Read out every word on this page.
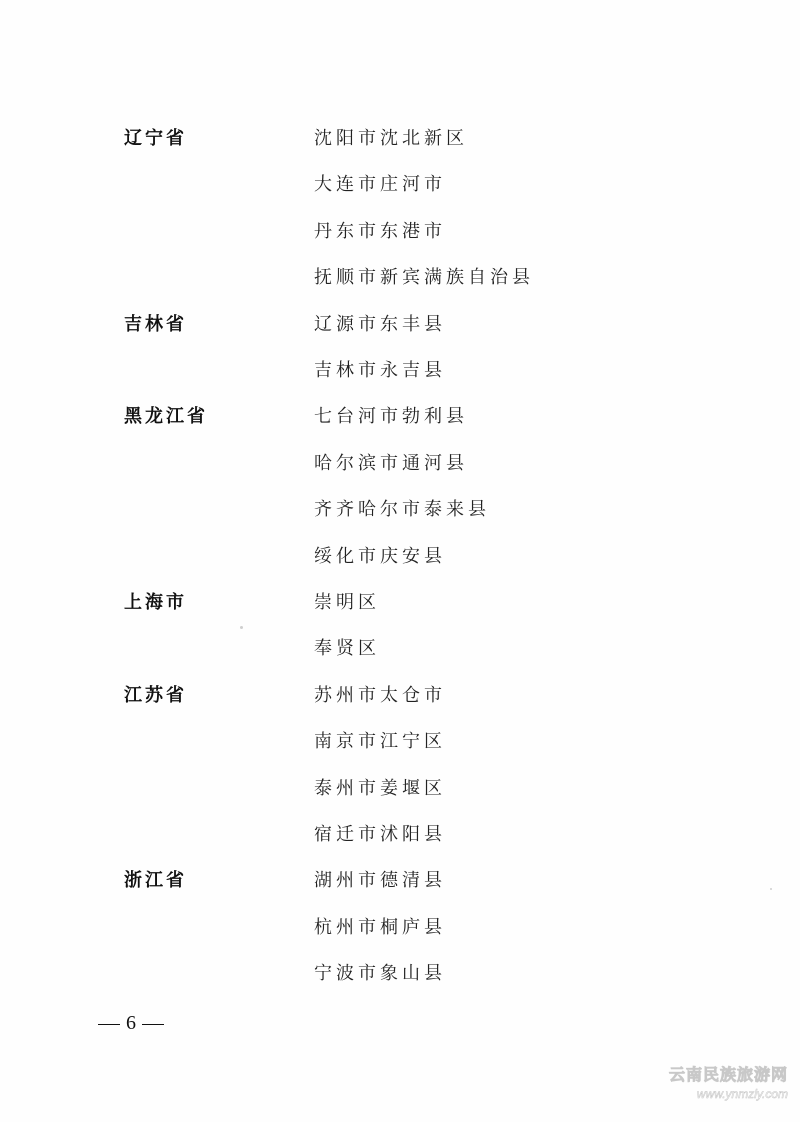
辽宁省	沈阳市沈北新区
大连市庄河市
丹东市东港市
抚顺市新宾满族自治县
吉林省	辽源市东丰县
吉林市永吉县
黑龙江省	七台河市勃利县
哈尔滨市通河县
齐齐哈尔市泰来县
绥化市庆安县
上海市	崇明区
奉贤区
江苏省	苏州市太仓市
南京市江宁区
泰州市姜堰区
宿迁市沭阳县
浙江省	湖州市德清县
杭州市桐庐县
宁波市象山县
6
云南民族旅游网
www.ynmzly.com
